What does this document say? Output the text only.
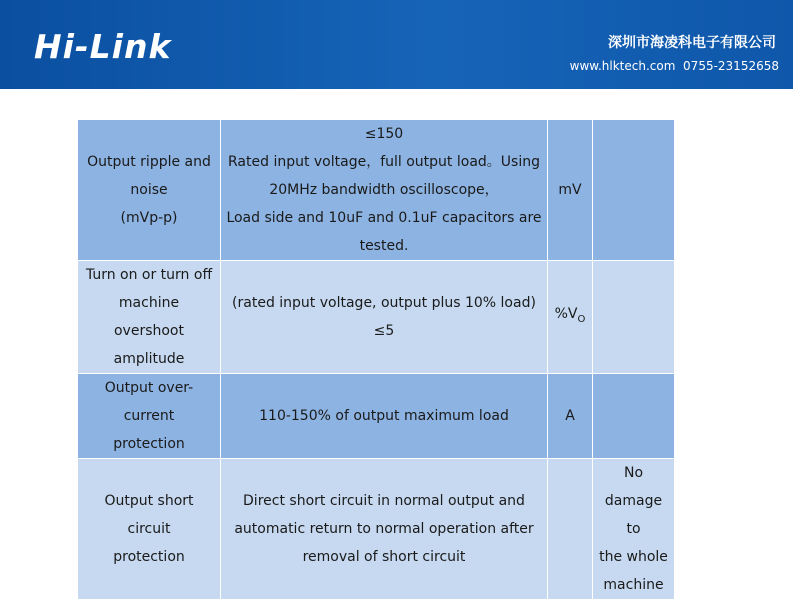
Hi-Link	深圳市海凌科电子有限公司
www.hlktech.com 0755-23152658
Output ripple and
noise
(mVp-p)	≤150
Rated input voltage，full output load。Using
20MHz bandwidth oscilloscope，
Load side and 10uF and 0.1uF capacitors are
tested.	mV	

Turn on or turn off
machine overshoot
amplitude	(rated input voltage, output plus 10% load)
≤5	$\%V_O$	

Output over-current
protection	110-150% of output maximum load	A	

Output short circuit
protection	Direct short circuit in normal output and
automatic return to normal operation after
removal of short circuit		No
damage to
the whole
machine
